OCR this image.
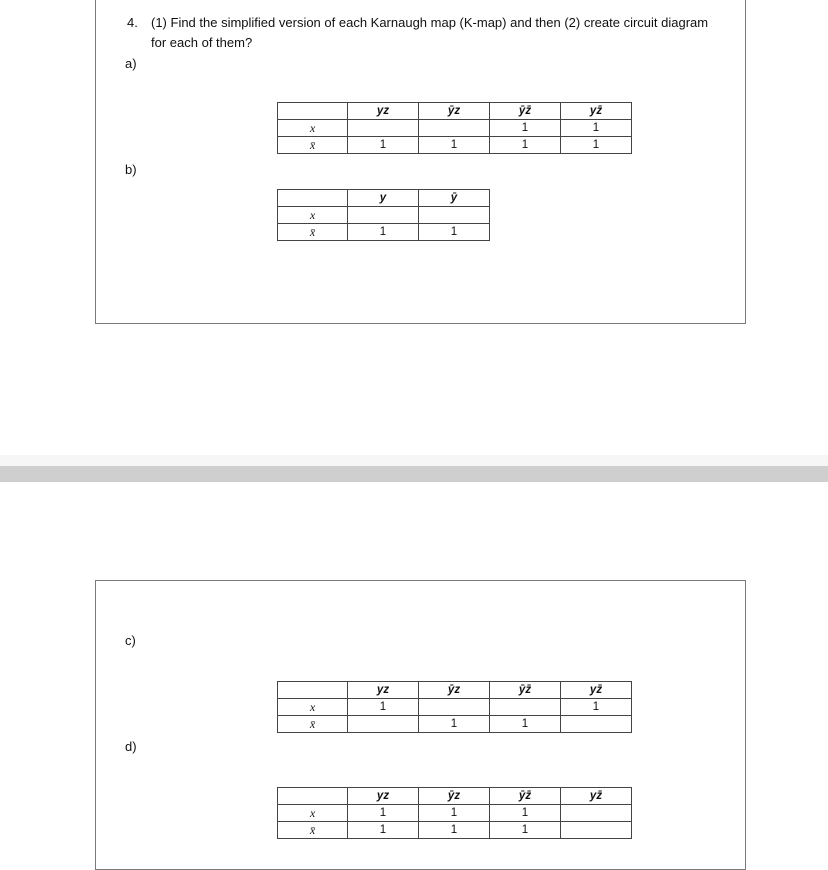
4. (1) Find the simplified version of each Karnaugh map (K-map) and then (2) create circuit diagram
for each of them?
a)
	yz	ȳz	ȳz̄	yz̄
x			1	1
x̄	1	1	1	1
b)
	y	ȳ
x		
x̄	1	1
c)
	yz	ȳz	ȳz̄	yz̄
x	1			1
x̄		1	1	
d)
	yz	ȳz	ȳz̄	yz̄
x	1	1	1	
x̄	1	1	1	
